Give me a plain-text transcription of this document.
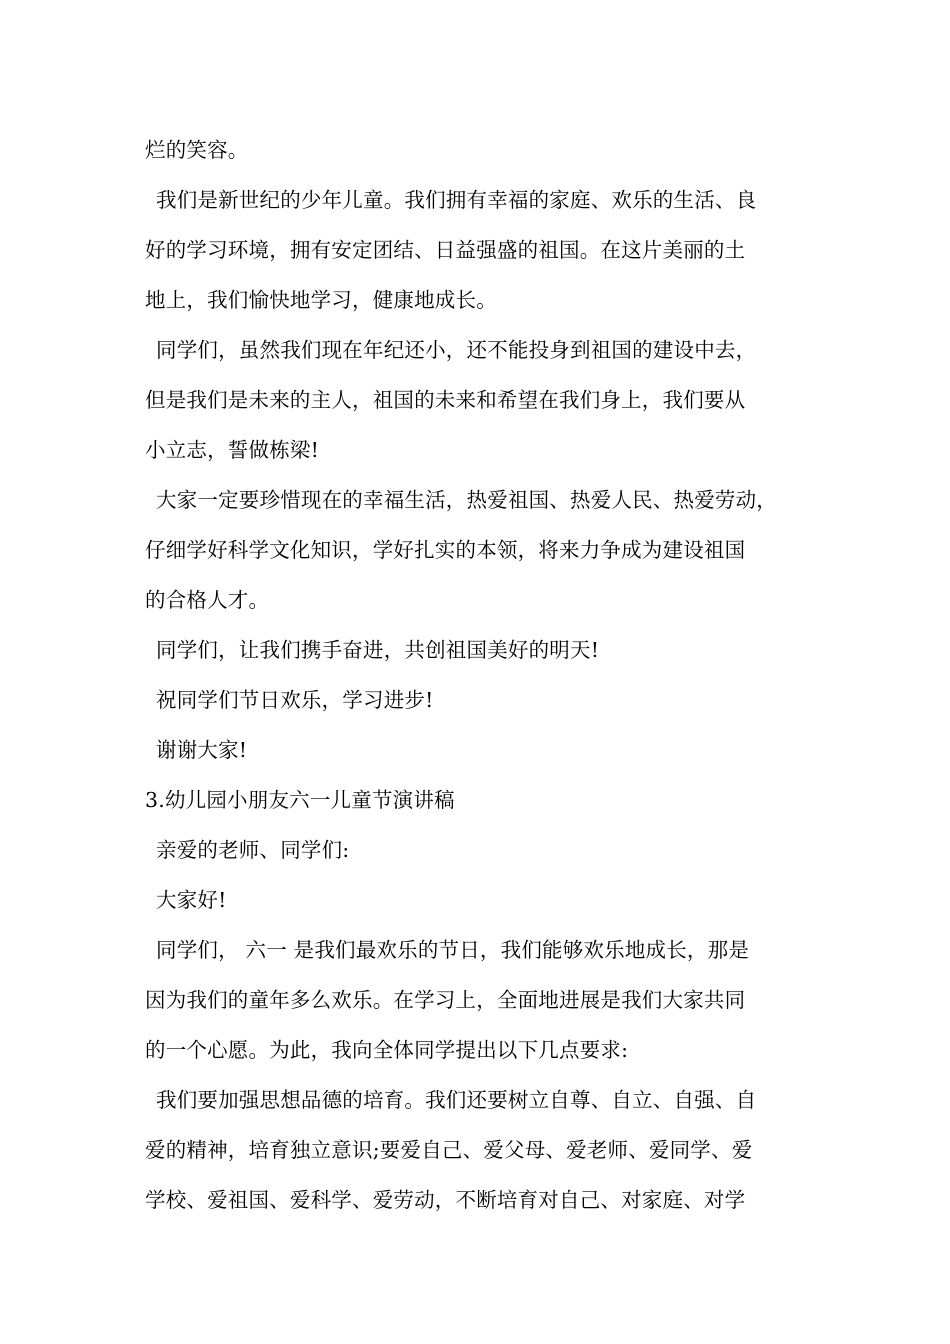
烂的笑容。
我们是新世纪的少年儿童。我们拥有幸福的家庭、欢乐的生活、良
好的学习环境，拥有安定团结、日益强盛的祖国。在这片美丽的土
地上，我们愉快地学习，健康地成长。
同学们，虽然我们现在年纪还小，还不能投身到祖国的建设中去，
但是我们是未来的主人，祖国的未来和希望在我们身上，我们要从
小立志，誓做栋梁!
大家一定要珍惜现在的幸福生活，热爱祖国、热爱人民、热爱劳动，
仔细学好科学文化知识，学好扎实的本领，将来力争成为建设祖国
的合格人才。
同学们，让我们携手奋进，共创祖国美好的明天!
祝同学们节日欢乐，学习进步!
谢谢大家!
3.幼儿园小朋友六一儿童节演讲稿
亲爱的老师、同学们:
大家好!
同学们， 六一 是我们最欢乐的节日，我们能够欢乐地成长，那是
因为我们的童年多么欢乐。在学习上，全面地进展是我们大家共同
的一个心愿。为此，我向全体同学提出以下几点要求:
我们要加强思想品德的培育。我们还要树立自尊、自立、自强、自
爱的精神，培育独立意识;要爱自己、爱父母、爱老师、爱同学、爱
学校、爱祖国、爱科学、爱劳动，不断培育对自己、对家庭、对学
